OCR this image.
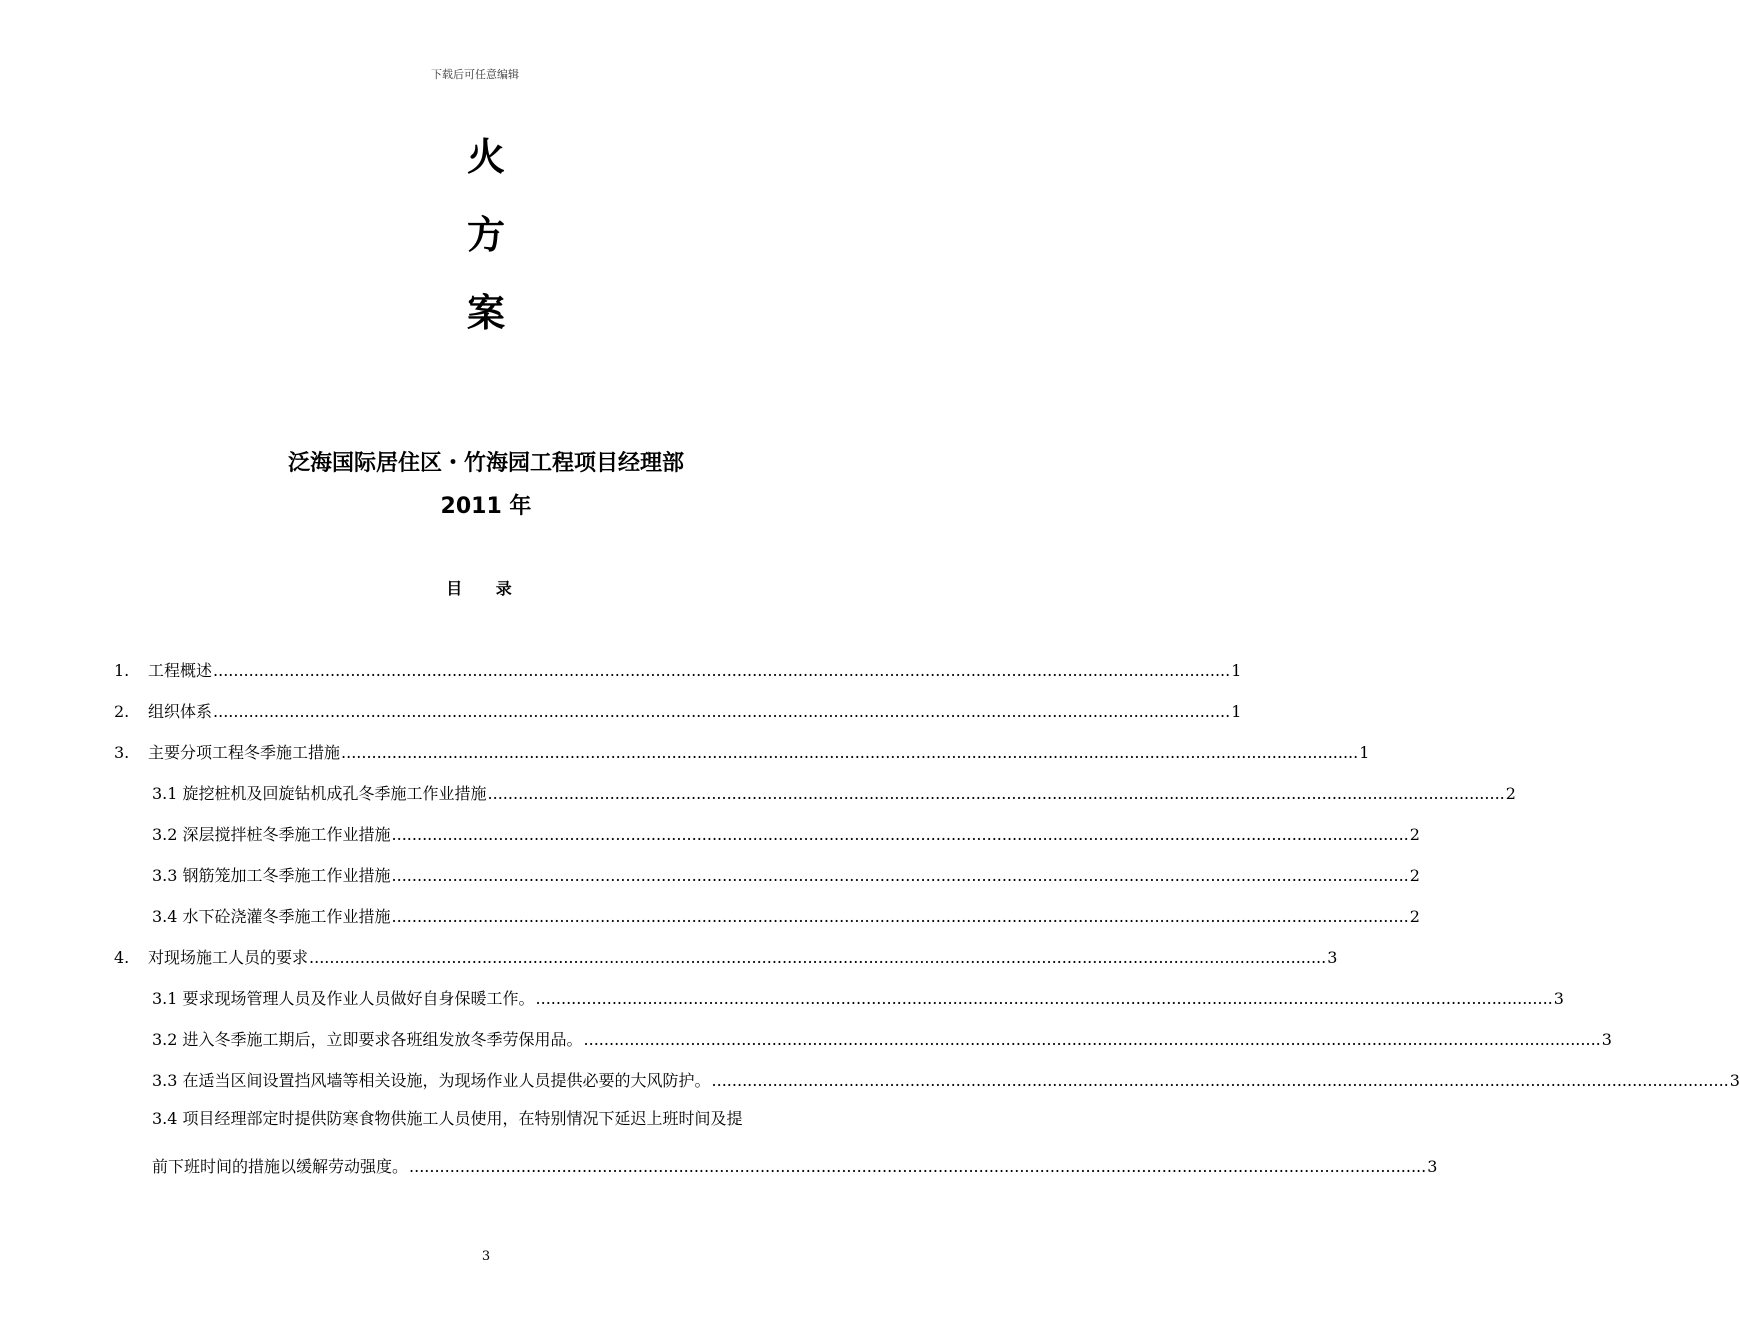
下载后可任意编辑
火
方
案
泛海国际居住区・竹海园工程项目经理部
2011 年
目 录
1.	工程概述 ........................................................................................................................................................................................................ 1
2.	组织体系 ........................................................................................................................................................................................................ 1
3.	主要分项工程冬季施工措施 ........................................................................................................................................................................................................ 1
3.1 旋挖桩机及回旋钻机成孔冬季施工作业措施 ........................................................................................................................................................................................................ 2
3.2 深层搅拌桩冬季施工作业措施 ........................................................................................................................................................................................................ 2
3.3 钢筋笼加工冬季施工作业措施 ........................................................................................................................................................................................................ 2
3.4 水下砼浇灌冬季施工作业措施 ........................................................................................................................................................................................................ 2
4.	对现场施工人员的要求 ........................................................................................................................................................................................................ 3
3.1 要求现场管理人员及作业人员做好自身保暖工作。 ........................................................................................................................................................................................................ 3
3.2 进入冬季施工期后，立即要求各班组发放冬季劳保用品。 ........................................................................................................................................................................................................ 3
3.3 在适当区间设置挡风墙等相关设施，为现场作业人员提供必要的大风防护。 ........................................................................................................................................................................................................ 3
3.4 项目经理部定时提供防寒食物供施工人员使用，在特别情况下延迟上班时间及提
前下班时间的措施以缓解劳动强度。 ........................................................................................................................................................................................................ 3
3
